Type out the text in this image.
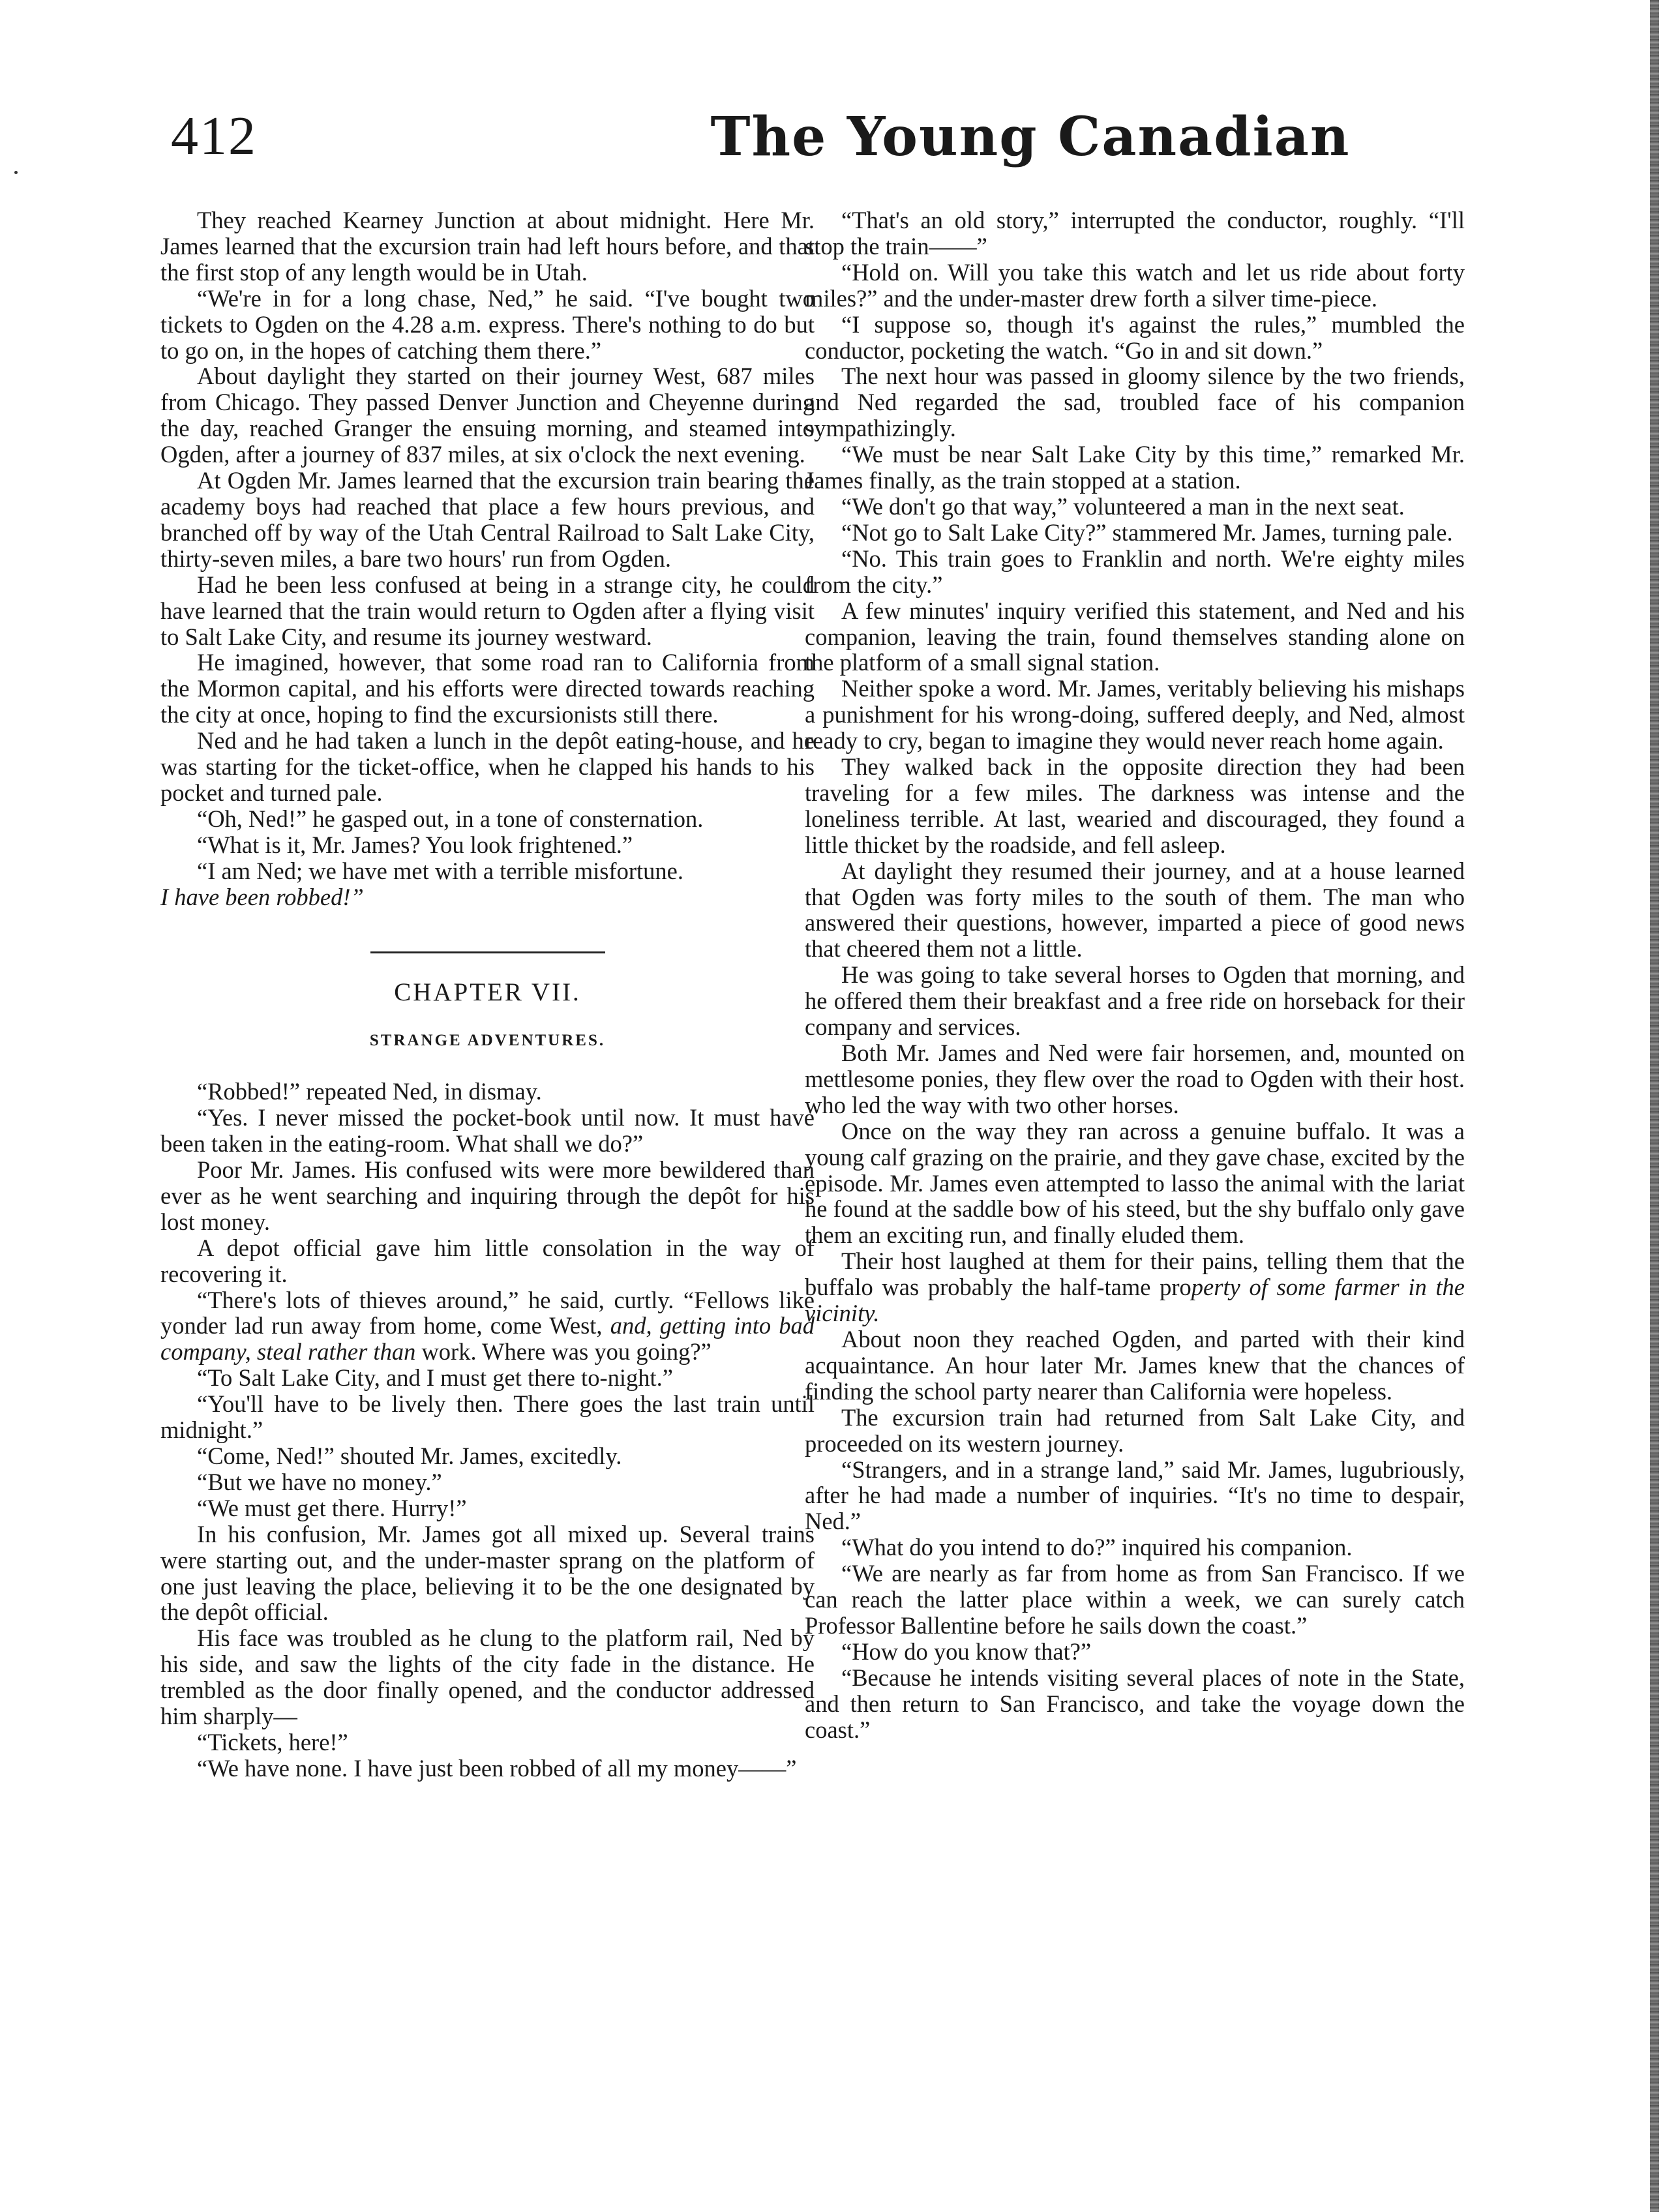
412	The Young Canadian

They reached Kearney Junction at about midnight. Here Mr. James learned that the excursion train had left hours before, and that the first stop of any length would be in Utah.

“We're in for a long chase, Ned,” he said. “I've bought two tickets to Ogden on the 4.28 a.m. express. There's nothing to do but to go on, in the hopes of catching them there.”

About daylight they started on their journey West, 687 miles from Chicago. They passed Denver Junction and Cheyenne during the day, reached Granger the ensuing morning, and steamed into Ogden, after a journey of 837 miles, at six o'clock the next evening.

At Ogden Mr. James learned that the excursion train bearing the academy boys had reached that place a few hours previous, and branched off by way of the Utah Central Railroad to Salt Lake City, thirty-seven miles, a bare two hours' run from Ogden.

Had he been less confused at being in a strange city, he could have learned that the train would return to Ogden after a flying visit to Salt Lake City, and resume its journey westward.

He imagined, however, that some road ran to California from the Mormon capital, and his efforts were directed towards reaching the city at once, hoping to find the excursionists still there.

Ned and he had taken a lunch in the depôt eating-house, and he was starting for the ticket-office, when he clapped his hands to his pocket and turned pale.

“Oh, Ned!” he gasped out, in a tone of consternation.

“What is it, Mr. James? You look frightened.”

“I am Ned; we have met with a terrible misfortune.

I have been robbed!”

CHAPTER VII.
STRANGE ADVENTURES.

“Robbed!” repeated Ned, in dismay.

“Yes. I never missed the pocket-book until now. It must have been taken in the eating-room. What shall we do?”

Poor Mr. James. His confused wits were more bewildered than ever as he went searching and inquiring through the depôt for his lost money.

A depot official gave him little consolation in the way of recovering it.

“There's lots of thieves around,” he said, curtly. “Fellows like yonder lad run away from home, come West, and, getting into bad company, steal rather than work. Where was you going?”

“To Salt Lake City, and I must get there to-night.”

“You'll have to be lively then. There goes the last train until midnight.”

“Come, Ned!” shouted Mr. James, excitedly.

“But we have no money.”

“We must get there. Hurry!”

In his confusion, Mr. James got all mixed up. Several trains were starting out, and the under-master sprang on the platform of one just leaving the place, believing it to be the one designated by the depôt official.

His face was troubled as he clung to the platform rail, Ned by his side, and saw the lights of the city fade in the distance. He trembled as the door finally opened, and the conductor addressed him sharply—

“Tickets, here!”

“We have none. I have just been robbed of all my money——”

“That's an old story,” interrupted the conductor, roughly. “I'll stop the train——”

“Hold on. Will you take this watch and let us ride about forty miles?” and the under-master drew forth a silver time-piece.

“I suppose so, though it's against the rules,” mumbled the conductor, pocketing the watch. “Go in and sit down.”

The next hour was passed in gloomy silence by the two friends, and Ned regarded the sad, troubled face of his companion sympathizingly.

“We must be near Salt Lake City by this time,” remarked Mr. James finally, as the train stopped at a station.

“We don't go that way,” volunteered a man in the next seat.

“Not go to Salt Lake City?” stammered Mr. James, turning pale.

“No. This train goes to Franklin and north. We're eighty miles from the city.”

A few minutes' inquiry verified this statement, and Ned and his companion, leaving the train, found themselves standing alone on the platform of a small signal station.

Neither spoke a word. Mr. James, veritably believing his mishaps a punishment for his wrong-doing, suffered deeply, and Ned, almost ready to cry, began to imagine they would never reach home again.

They walked back in the opposite direction they had been traveling for a few miles. The darkness was intense and the loneliness terrible. At last, wearied and discouraged, they found a little thicket by the roadside, and fell asleep.

At daylight they resumed their journey, and at a house learned that Ogden was forty miles to the south of them. The man who answered their questions, however, imparted a piece of good news that cheered them not a little.

He was going to take several horses to Ogden that morning, and he offered them their breakfast and a free ride on horseback for their company and services.

Both Mr. James and Ned were fair horsemen, and, mounted on mettlesome ponies, they flew over the road to Ogden with their host. who led the way with two other horses.

Once on the way they ran across a genuine buffalo. It was a young calf grazing on the prairie, and they gave chase, excited by the episode. Mr. James even attempted to lasso the animal with the lariat he found at the saddle bow of his steed, but the shy buffalo only gave them an exciting run, and finally eluded them.

Their host laughed at them for their pains, telling them that the buffalo was probably the half-tame property of some farmer in the vicinity.

About noon they reached Ogden, and parted with their kind acquaintance. An hour later Mr. James knew that the chances of finding the school party nearer than California were hopeless.

The excursion train had returned from Salt Lake City, and proceeded on its western journey.

“Strangers, and in a strange land,” said Mr. James, lugubriously, after he had made a number of inquiries. “It's no time to despair, Ned.”

“What do you intend to do?” inquired his companion.

“We are nearly as far from home as from San Francisco. If we can reach the latter place within a week, we can surely catch Professor Ballentine before he sails down the coast.”

“How do you know that?”

“Because he intends visiting several places of note in the State, and then return to San Francisco, and take the voyage down the coast.”
